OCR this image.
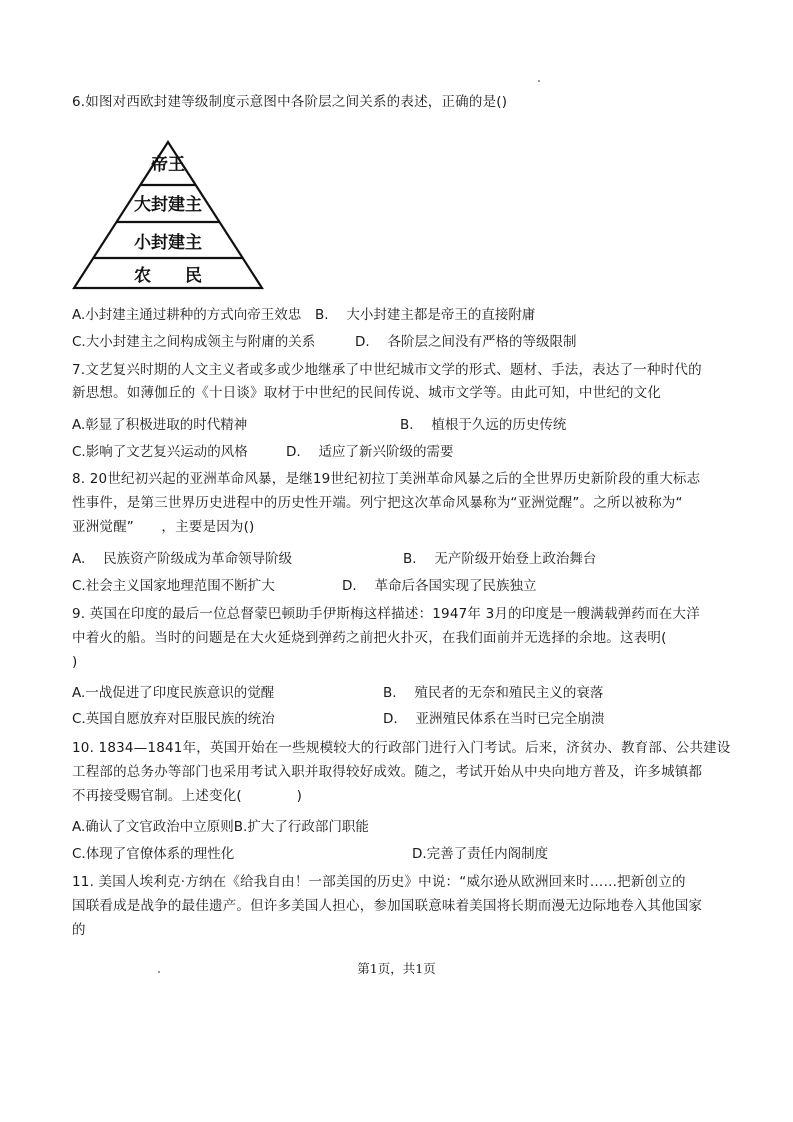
6.如图对西欧封建等级制度示意图中各阶层之间关系的表述，正确的是()
帝王
大封建主
小封建主
农　　民
A.小封建主通过耕种的方式向帝王效忠 B.　 大小封建主都是帝王的直接附庸
C.大小封建主之间构成领主与附庸的关系	D.　 各阶层之间没有严格的等级限制
7.文艺复兴时期的人文主义者或多或少地继承了中世纪城市文学的形式、题材、手法，表达了一种时代的
新思想。如薄伽丘的《十日谈》取材于中世纪的民间传说、城市文学等。由此可知，中世纪的文化
A.彰显了积极进取的时代精神	B.　 植根于久远的历史传统
C.影响了文艺复兴运动的风格	D.　 适应了新兴阶级的需要
8. 20世纪初兴起的亚洲革命风暴，是继19世纪初拉丁美洲革命风暴之后的全世界历史新阶段的重大标志
性事件，是第三世界历史进程中的历史性开端。列宁把这次革命风暴称为“亚洲觉醒”。之所以被称为“
亚洲觉醒”　　，主要是因为()
A.　 民族资产阶级成为革命领导阶级	B.　 无产阶级开始登上政治舞台
C.社会主义国家地理范围不断扩大	D.　 革命后各国实现了民族独立
9. 英国在印度的最后一位总督蒙巴顿助手伊斯梅这样描述：1947年 3月的印度是一艘满载弹药而在大洋
中着火的船。当时的问题是在大火延烧到弹药之前把火扑灭，在我们面前并无选择的余地。这表明(
)
A.一战促进了印度民族意识的觉醒	B.　 殖民者的无奈和殖民主义的衰落
C.英国自愿放弃对臣服民族的统治	D.　 亚洲殖民体系在当时已完全崩溃
10. 1834—1841年，英国开始在一些规模较大的行政部门进行入门考试。后来，济贫办、教育部、公共建设
工程部的总务办等部门也采用考试入职并取得较好成效。随之，考试开始从中央向地方普及，许多城镇都
不再接受赐官制。上述变化(　　　　)
A.确认了文官政治中立原则B.扩大了行政部门职能
C.体现了官僚体系的理性化	D.完善了责任内阁制度
11. 美国人埃利克·方纳在《给我自由！一部美国的历史》中说：“威尔逊从欧洲回来时……把新创立的
国联看成是战争的最佳遗产。但许多美国人担心，参加国联意味着美国将长期而漫无边际地卷入其他国家
的
第1页，共1页
